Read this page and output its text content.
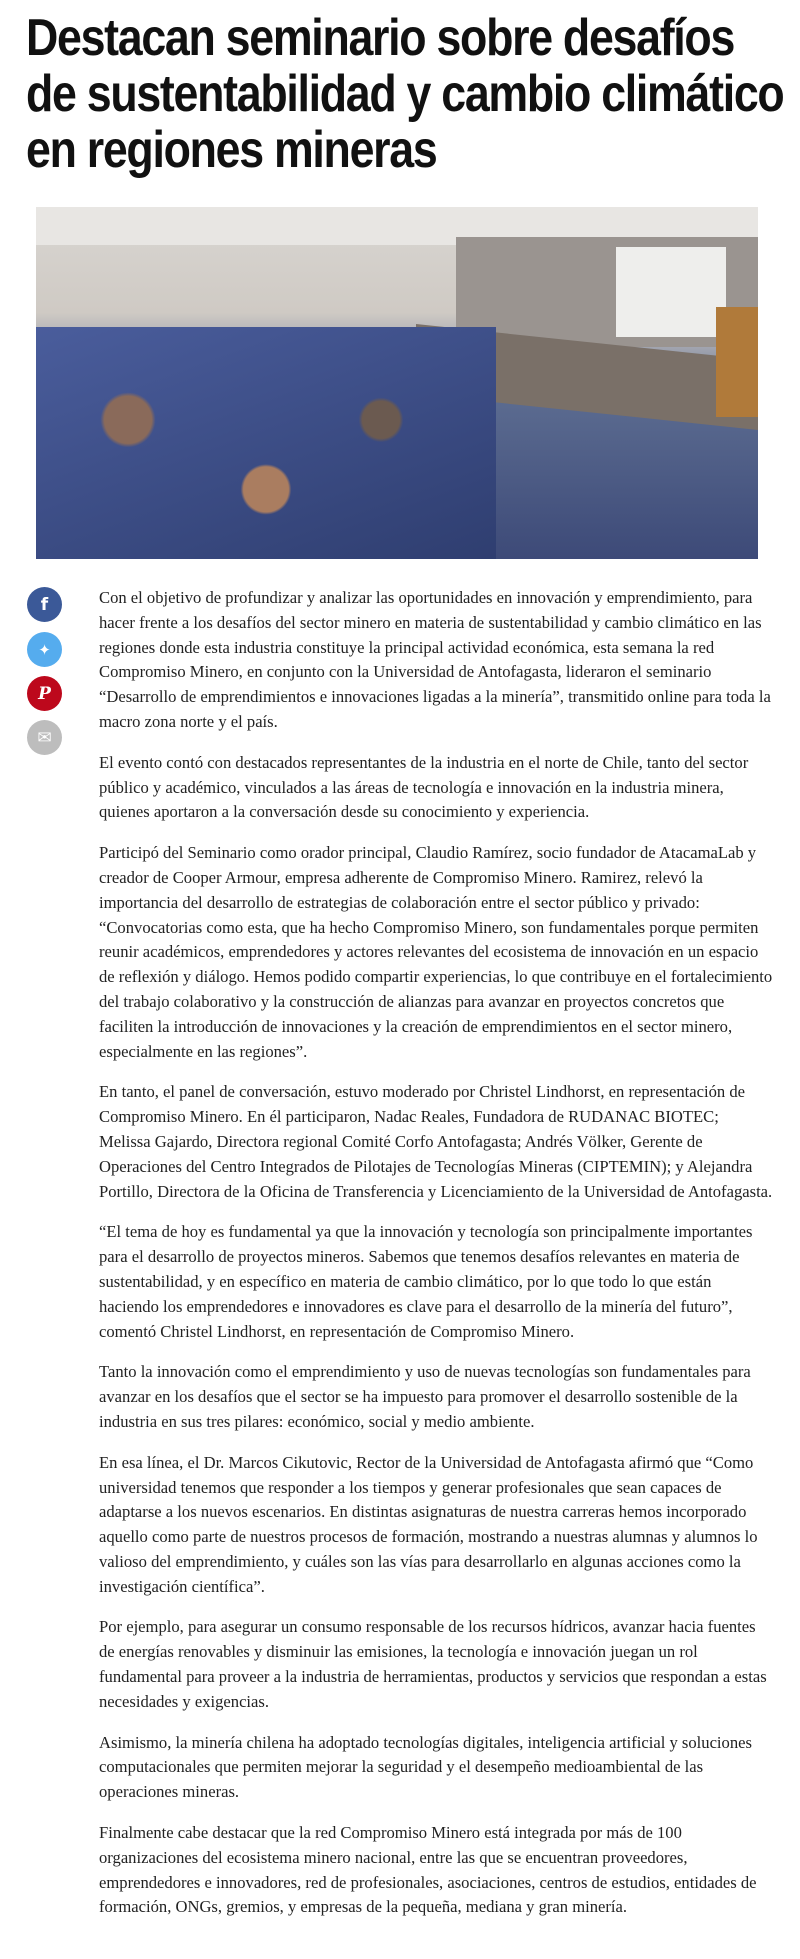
Destacan seminario sobre desafíos de sustentabilidad y cambio climático en regiones mineras
f
✦
P
✉

Con el objetivo de profundizar y analizar las oportunidades en innovación y emprendimiento, para hacer frente a los desafíos del sector minero en materia de sustentabilidad y cambio climático en las regiones donde esta industria constituye la principal actividad económica, esta semana la red Compromiso Minero, en conjunto con la Universidad de Antofagasta, lideraron el seminario “Desarrollo de emprendimientos e innovaciones ligadas a la minería”, transmitido online para toda la macro zona norte y el país.

El evento contó con destacados representantes de la industria en el norte de Chile, tanto del sector público y académico, vinculados a las áreas de tecnología e innovación en la industria minera, quienes aportaron a la conversación desde su conocimiento y experiencia.

Participó del Seminario como orador principal, Claudio Ramírez, socio fundador de AtacamaLab y creador de Cooper Armour, empresa adherente de Compromiso Minero. Ramirez, relevó la importancia del desarrollo de estrategias de colaboración entre el sector público y privado: “Convocatorias como esta, que ha hecho Compromiso Minero, son fundamentales porque permiten reunir académicos, emprendedores y actores relevantes del ecosistema de innovación en un espacio de reflexión y diálogo. Hemos podido compartir experiencias, lo que contribuye en el fortalecimiento del trabajo colaborativo y la construcción de alianzas para avanzar en proyectos concretos que faciliten la introducción de innovaciones y la creación de emprendimientos en el sector minero, especialmente en las regiones”.

En tanto, el panel de conversación, estuvo moderado por Christel Lindhorst, en representación de Compromiso Minero. En él participaron, Nadac Reales, Fundadora de RUDANAC BIOTEC; Melissa Gajardo, Directora regional Comité Corfo Antofagasta; Andrés Völker, Gerente de Operaciones del Centro Integrados de Pilotajes de Tecnologías Mineras (CIPTEMIN); y Alejandra Portillo, Directora de la Oficina de Transferencia y Licenciamiento de la Universidad de Antofagasta.

“El tema de hoy es fundamental ya que la innovación y tecnología son principalmente importantes para el desarrollo de proyectos mineros. Sabemos que tenemos desafíos relevantes en materia de sustentabilidad, y en específico en materia de cambio climático, por lo que todo lo que están haciendo los emprendedores e innovadores es clave para el desarrollo de la minería del futuro”, comentó Christel Lindhorst, en representación de Compromiso Minero.

Tanto la innovación como el emprendimiento y uso de nuevas tecnologías son fundamentales para avanzar en los desafíos que el sector se ha impuesto para promover el desarrollo sostenible de la industria en sus tres pilares: económico, social y medio ambiente.

En esa línea, el Dr. Marcos Cikutovic, Rector de la Universidad de Antofagasta afirmó que “Como universidad tenemos que responder a los tiempos y generar profesionales que sean capaces de adaptarse a los nuevos escenarios. En distintas asignaturas de nuestra carreras hemos incorporado aquello como parte de nuestros procesos de formación, mostrando a nuestras alumnas y alumnos lo valioso del emprendimiento, y cuáles son las vías para desarrollarlo en algunas acciones como la investigación científica”.

Por ejemplo, para asegurar un consumo responsable de los recursos hídricos, avanzar hacia fuentes de energías renovables y disminuir las emisiones, la tecnología e innovación juegan un rol fundamental para proveer a la industria de herramientas, productos y servicios que respondan a estas necesidades y exigencias.

Asimismo, la minería chilena ha adoptado tecnologías digitales, inteligencia artificial y soluciones computacionales que permiten mejorar la seguridad y el desempeño medioambiental de las operaciones mineras.

Finalmente cabe destacar que la red Compromiso Minero está integrada por más de 100 organizaciones del ecosistema minero nacional, entre las que se encuentran proveedores, emprendedores e innovadores, red de profesionales, asociaciones, centros de estudios, entidades de formación, ONGs, gremios, y empresas de la pequeña, mediana y gran minería.
